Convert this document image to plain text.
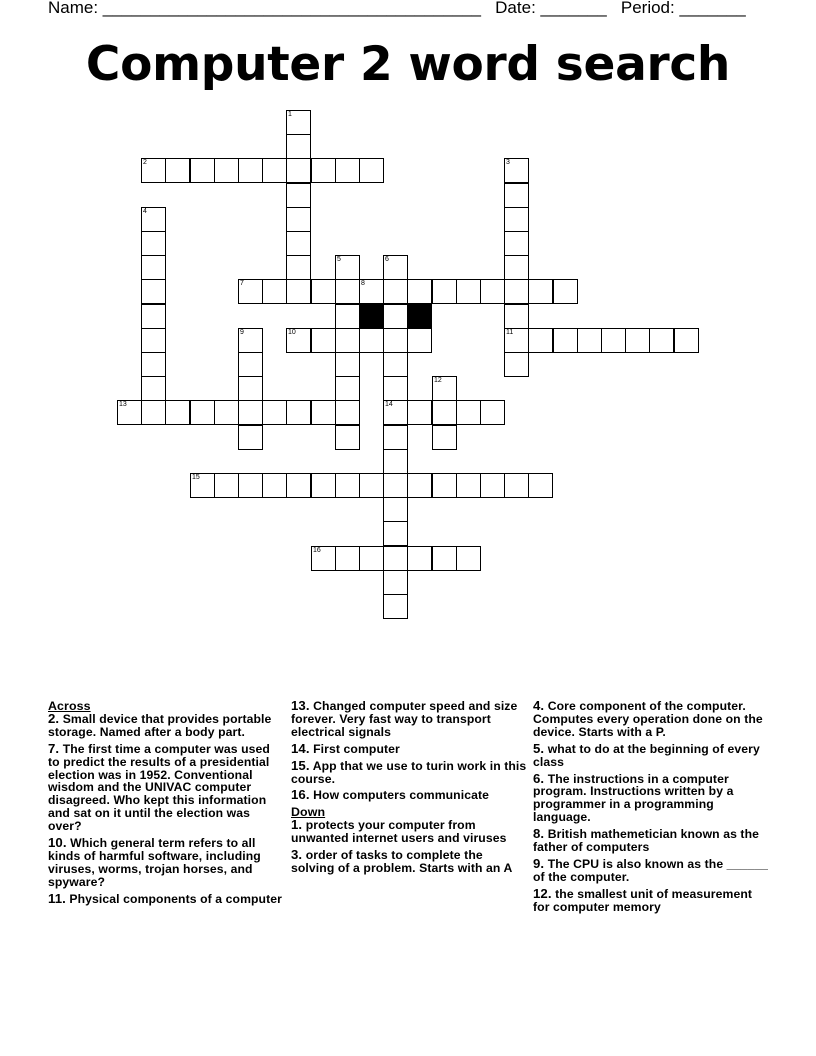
Name: ________________________________________ Date: _______ Period: _______
Computer 2 word search
1
2	3
4
5	6
7	8
9	10	11
12
13	14
15
16
Across
2. Small device that provides portable storage. Named after a body part.
7. The first time a computer was used to predict the results of a presidential election was in 1952. Conventional wisdom and the UNIVAC computer disagreed. Who kept this information and sat on it until the election was over?
10. Which general term refers to all kinds of harmful software, including viruses, worms, trojan horses, and spyware?
11. Physical components of a computer
13. Changed computer speed and size forever. Very fast way to transport electrical signals
14. First computer
15. App that we use to turin work in this course.
16. How computers communicate
Down
1. protects your computer from unwanted internet users and viruses
3. order of tasks to complete the solving of a problem. Starts with an A
4. Core component of the computer. Computes every operation done on the device. Starts with a P.
5. what to do at the beginning of every class
6. The instructions in a computer program. Instructions written by a programmer in a programming language.
8. British mathemetician known as the father of computers
9. The CPU is also known as the ______ of the computer.
12. the smallest unit of measurement for computer memory
